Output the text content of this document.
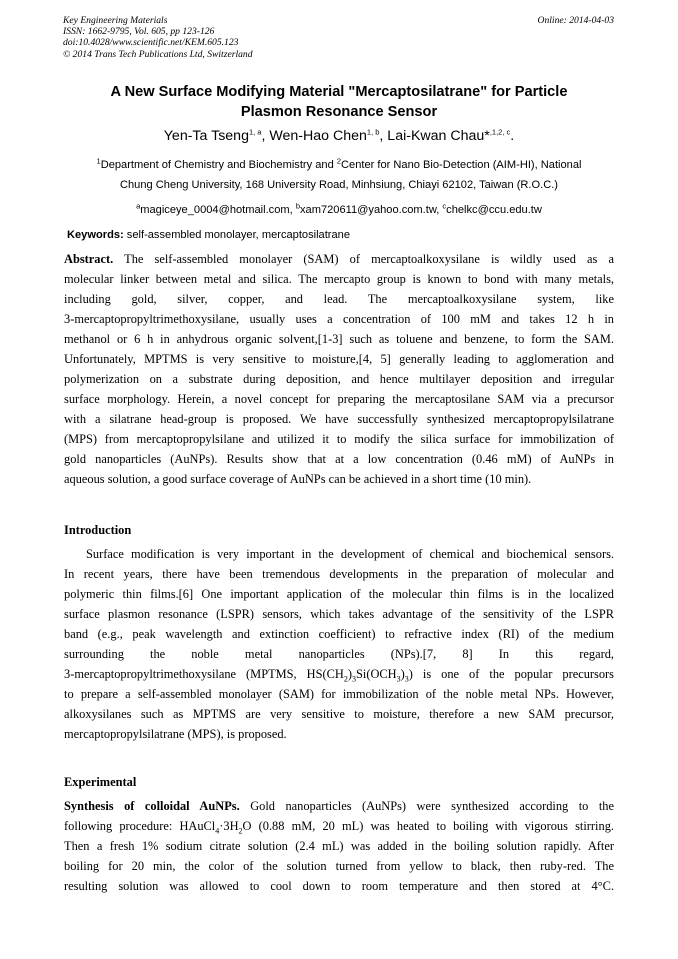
Key Engineering Materials
ISSN: 1662-9795, Vol. 605, pp 123-126
doi:10.4028/www.scientific.net/KEM.605.123
© 2014 Trans Tech Publications Ltd, Switzerland
Online: 2014-04-03
A New Surface Modifying Material "Mercaptosilatrane" for Particle
Plasmon Resonance Sensor
Yen-Ta Tseng$^{1, a}$, Wen-Hao Chen$^{1, b}$, Lai-Kwan Chau*$^{,1,2, c}$.
$^1$Department of Chemistry and Biochemistry and $^2$Center for Nano Bio-Detection (AIM-HI), National
Chung Cheng University, 168 University Road, Minhsiung, Chiayi 62102, Taiwan (R.O.C.)
$^a$magiceye_0004@hotmail.com, $^b$xam720611@yahoo.com.tw, $^c$chelkc@ccu.edu.tw
Keywords: self-assembled monolayer, mercaptosilatrane
Abstract. The self-assembled monolayer (SAM) of mercaptoalkoxysilane is wildly used as a
molecular linker between metal and silica. The mercapto group is known to bond with many metals,
including gold, silver, copper, and lead. The mercaptoalkoxysilane system, like
3-mercaptopropyltrimethoxysilane, usually uses a concentration of 100 mM and takes 12 h in
methanol or 6 h in anhydrous organic solvent,[1-3] such as toluene and benzene, to form the SAM.
Unfortunately, MPTMS is very sensitive to moisture,[4, 5] generally leading to agglomeration and
polymerization on a substrate during deposition, and hence multilayer deposition and irregular
surface morphology. Herein, a novel concept for preparing the mercaptosilane SAM via a precursor
with a silatrane head-group is proposed. We have successfully synthesized mercaptopropylsilatrane
(MPS) from mercaptopropylsilane and utilized it to modify the silica surface for immobilization of
gold nanoparticles (AuNPs). Results show that at a low concentration (0.46 mM) of AuNPs in
aqueous solution, a good surface coverage of AuNPs can be achieved in a short time (10 min).
Introduction
Surface modification is very important in the development of chemical and biochemical sensors.
In recent years, there have been tremendous developments in the preparation of molecular and
polymeric thin films.[6] One important application of the molecular thin films is in the localized
surface plasmon resonance (LSPR) sensors, which takes advantage of the sensitivity of the LSPR
band (e.g., peak wavelength and extinction coefficient) to refractive index (RI) of the medium
surrounding the noble metal nanoparticles (NPs).[7, 8] In this regard,
3-mercaptopropyltrimethoxysilane (MPTMS, $HS(CH_2)_3Si(OCH_3)_3$) is one of the popular precursors
to prepare a self-assembled monolayer (SAM) for immobilization of the noble metal NPs. However,
alkoxysilanes such as MPTMS are very sensitive to moisture, therefore a new SAM precursor,
mercaptopropylsilatrane (MPS), is proposed.
Experimental
Synthesis of colloidal AuNPs. Gold nanoparticles (AuNPs) were synthesized according to the
following procedure: $HAuCl_4\cdot 3H_2O$ (0.88 mM, 20 mL) was heated to boiling with vigorous stirring.
Then a fresh 1% sodium citrate solution (2.4 mL) was added in the boiling solution rapidly. After
boiling for 20 min, the color of the solution turned from yellow to black, then ruby-red. The
resulting solution was allowed to cool down to room temperature and then stored at 4°C.
